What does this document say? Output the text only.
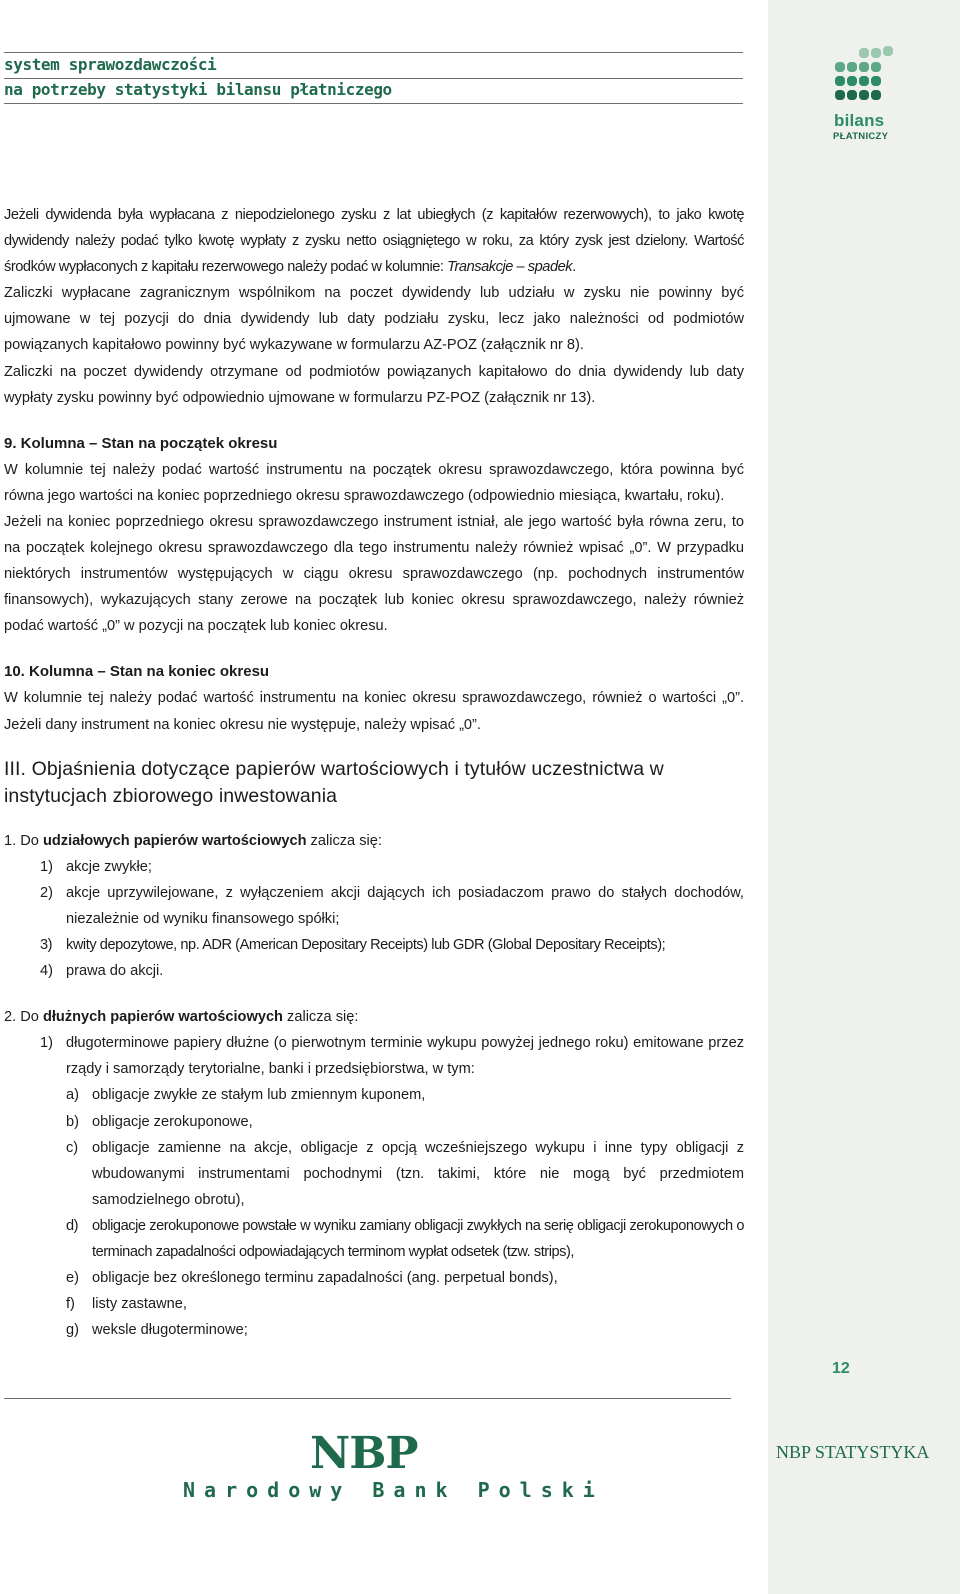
bilans
PŁATNICZY
system sprawozdawczości
na potrzeby statystyki bilansu płatniczego

Jeżeli dywidenda była wypłacana z niepodzielonego zysku z lat ubiegłych (z kapitałów rezerwowych), to jako kwotę dywidendy należy podać tylko kwotę wypłaty z zysku netto osiągniętego w roku, za który zysk jest dzielony. Wartość środków wypłaconych z kapitału rezerwowego należy podać w kolumnie: Transakcje – spadek.

Zaliczki wypłacane zagranicznym wspólnikom na poczet dywidendy lub udziału w zysku nie powinny być ujmowane w tej pozycji do dnia dywidendy lub daty podziału zysku, lecz jako należności od podmiotów powiązanych kapitałowo powinny być wykazywane w formularzu AZ-POZ (załącznik nr 8).

Zaliczki na poczet dywidendy otrzymane od podmiotów powiązanych kapitałowo do dnia dywidendy lub daty wypłaty zysku powinny być odpowiednio ujmowane w formularzu PZ-POZ (załącznik nr 13).

9. Kolumna – Stan na początek okresu

W kolumnie tej należy podać wartość instrumentu na początek okresu sprawozdawczego, która powinna być równa jego wartości na koniec poprzedniego okresu sprawozdawczego (odpowiednio miesiąca, kwartału, roku).

Jeżeli na koniec poprzedniego okresu sprawozdawczego instrument istniał, ale jego wartość była równa zeru, to na początek kolejnego okresu sprawozdawczego dla tego instrumentu należy również wpisać „0”. W przypadku niektórych instrumentów występujących w ciągu okresu sprawozdawczego (np. pochodnych instrumentów finansowych), wykazujących stany zerowe na początek lub koniec okresu sprawozdawczego, należy również podać wartość „0” w pozycji na początek lub koniec okresu.

10. Kolumna – Stan na koniec okresu

W kolumnie tej należy podać wartość instrumentu na koniec okresu sprawozdawczego, również o wartości „0”. Jeżeli dany instrument na koniec okresu nie występuje, należy wpisać „0”.

III. Objaśnienia dotyczące papierów wartościowych i tytułów uczestnictwa w instytucjach zbiorowego inwestowania

1. Do udziałowych papierów wartościowych zalicza się:

1) akcje zwykłe;
2) akcje uprzywilejowane, z wyłączeniem akcji dających ich posiadaczom prawo do stałych dochodów, niezależnie od wyniku finansowego spółki;
3) kwity depozytowe, np. ADR (American Depositary Receipts) lub GDR (Global Depositary Receipts);
4) prawa do akcji.

2. Do dłużnych papierów wartościowych zalicza się:

1) długoterminowe papiery dłużne (o pierwotnym terminie wykupu powyżej jednego roku) emitowane przez rządy i samorządy terytorialne, banki i przedsiębiorstwa, w tym:
a) obligacje zwykłe ze stałym lub zmiennym kuponem,
b) obligacje zerokuponowe,
c) obligacje zamienne na akcje, obligacje z opcją wcześniejszego wykupu i inne typy obligacji z wbudowanymi instrumentami pochodnymi (tzn. takimi, które nie mogą być przedmiotem samodzielnego obrotu),
d) obligacje zerokuponowe powstałe w wyniku zamiany obligacji zwykłych na serię obligacji zerokuponowych o terminach zapadalności odpowiadających terminom wypłat odsetek (tzw. strips),
e) obligacje bez określonego terminu zapadalności (ang. perpetual bonds),
f) listy zastawne,
g) weksle długoterminowe;
12
NBP
Narodowy Bank Polski
NBP STATYSTYKA
